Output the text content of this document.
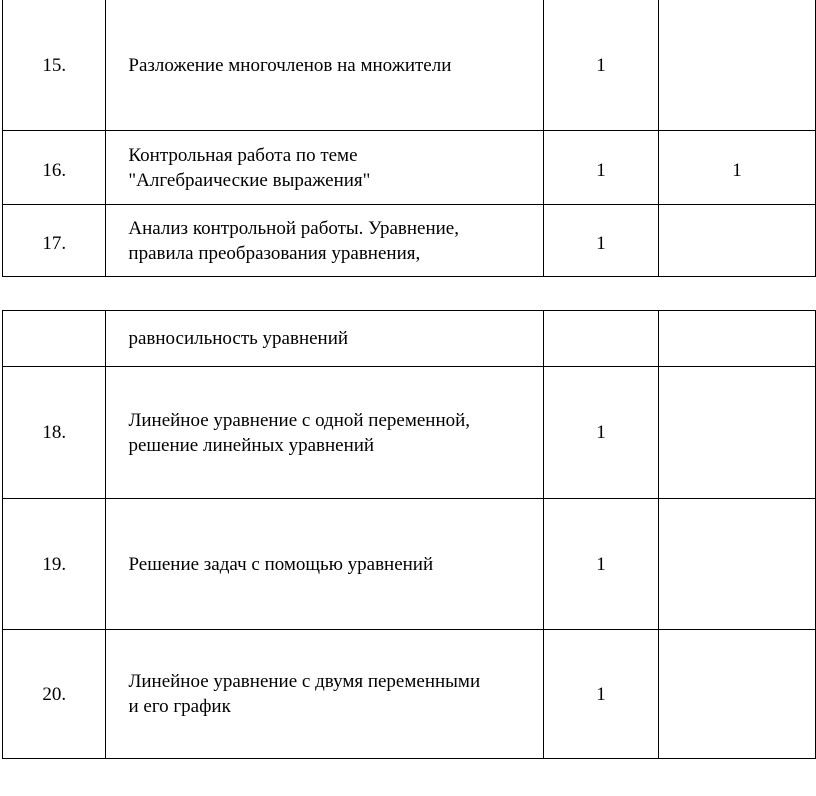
15.	Разложение многочленов на множители	1	
16.	Контрольная работа по теме
"Алгебраические выражения"	1	1
17.	Анализ контрольной работы. Уравнение,
правила преобразования уравнения,	1	
	равносильность уравнений		
18.	Линейное уравнение с одной переменной,
решение линейных уравнений	1	
19.	Решение задач с помощью уравнений	1	
20.	Линейное уравнение с двумя переменными
и его график	1	
